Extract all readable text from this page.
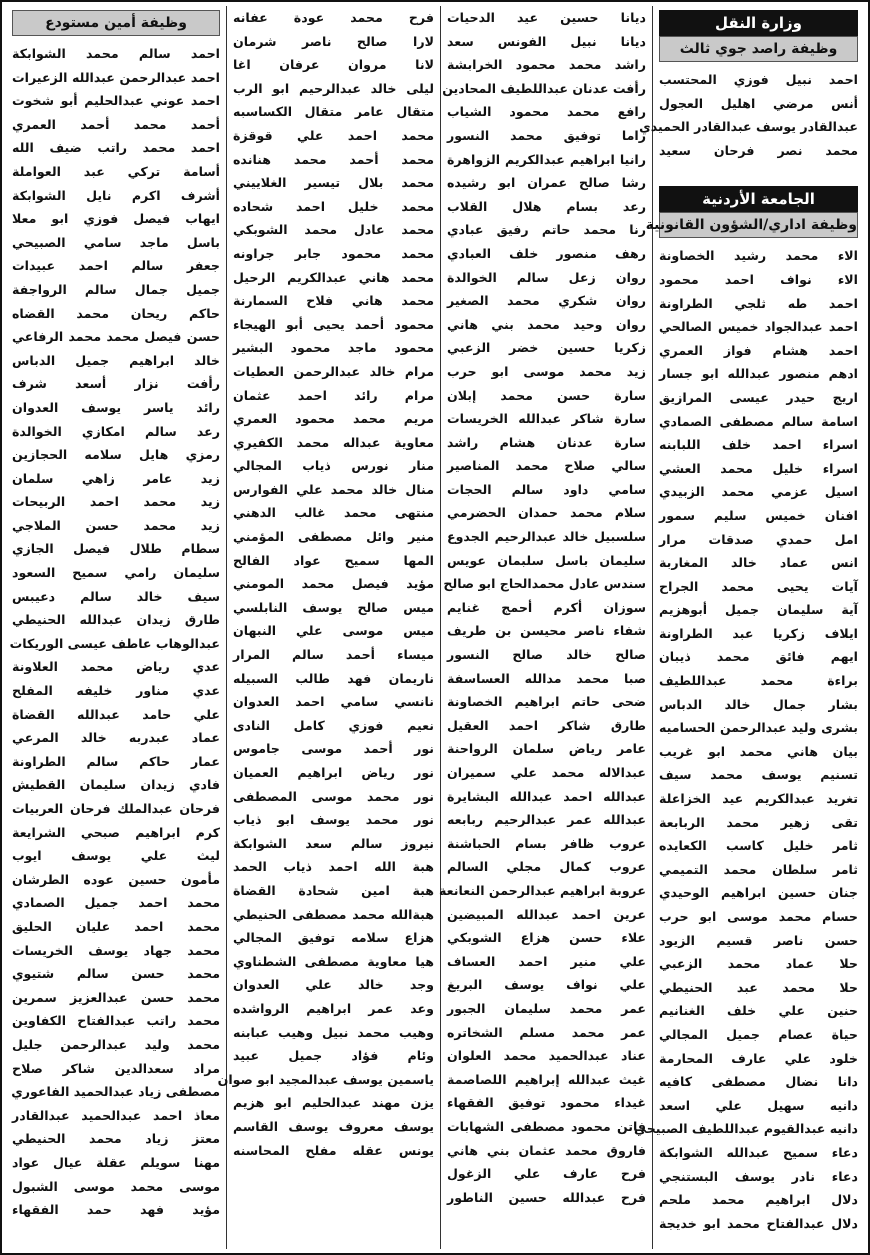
وزارة النقل
وظيفة راصد جوي ثالث
احمد نبيل فوزي المحتسب
أنس مرضي اهليل العجول
عبدالقادر يوسف عبدالقادر الحميدي
محمد نصر فرحان سعيد
الجامعة الأردنية
وظيفة اداري/الشؤون القانونية
الاء محمد رشيد الخصاونة
الاء نواف احمد محمود
احمد طه ثلجي الطراونة
احمد عبدالجواد خميس الصالحي
احمد هشام فواز العمري
ادهم منصور عبدالله ابو جسار
اريج حيدر عيسى المرازيق
اسامة سالم مصطفى الصمادي
اسراء احمد خلف اللبابنه
اسراء خليل محمد العشي
اسيل عزمي محمد الزبيدي
افنان خميس سليم سمور
امل حمدي صدقات مرار
انس عماد خالد المغاربة
آيات يحيى محمد الجراح
آية سليمان جميل أبوهزيم
ايلاف زكريا عبد الطراونة
ايهم فائق محمد ذيبان
براءة محمد عبداللطيف
بشار جمال خالد الدباس
بشرى وليد عبدالرحمن الحساميه
بيان هاني محمد ابو غريب
تسنيم يوسف محمد سيف
تغريد عبدالكريم عيد الخزاعلة
تقى زهير محمد الربابعة
ثامر خليل كاسب الكعايده
ثامر سلطان محمد التميمي
جنان حسين ابراهيم الوحيدي
حسام محمد موسى ابو حرب
حسن ناصر قسيم الزيود
حلا عماد محمد الزعبي
حلا محمد عبد الحنيطي
حنين علي خلف الغنانيم
حياة عصام جميل المجالي
خلود علي عارف المحارمة
دانا نضال مصطفى كافيه
دانيه سهيل علي اسعد
دانيه عبدالقيوم عبداللطيف الصبيحي
دعاء سميح عبدالله الشوابكة
دعاء نادر يوسف البستنجي
دلال ابراهيم محمد ملحم
دلال عبدالفتاح محمد ابو خديجة
ديانا حسين عيد الدحيات
ديانا نبيل الفونس سعد
راشد محمد محمود الخرابشة
رأفت عدنان عبداللطيف المحادين
رافع محمد محمود الشياب
راما توفيق محمد النسور
رانيا ابراهيم عبدالكريم الزواهرة
رشا صالح عمران ابو رشيده
رعد بسام هلال القلاب
رنا محمد حاتم رفيق عبادي
رهف منصور خلف العبادي
روان زعل سالم الخوالدة
روان شكري محمد الصغير
روان وحيد محمد بني هاني
زكريا حسين خضر الزعبي
زيد محمد موسى ابو حرب
سارة حسن محمد إبلان
سارة شاكر عبدالله الخريسات
سارة عدنان هشام راشد
سالي صلاح محمد المناصير
سامي داود سالم الحجات
سلام محمد حمدان الحضرمي
سلسبيل خالد عبدالرحيم الجدوع
سليمان باسل سلبمان عويس
سندس عادل محمدالحاج ابو صالح
سوزان أكرم أحمج غنايم
شفاء ناصر محيسن بن طريف
صالح خالد صالح النسور
صبا محمد مدالله العساسفة
ضحى حاتم ابراهيم الخصاونة
طارق شاكر احمد العقيل
عامر رياض سلمان الرواحنة
عبدالاله محمد علي سميران
عبدالله احمد عبدالله البشايرة
عبدالله عمر عبدالرحيم ربابعه
عروب ظافر بسام الحباشنة
عروب كمال مجلي السالم
عروبة ابراهيم عبدالرحمن النعانعة
عرين احمد عبدالله المبيضين
علاء حسن هزاع الشوبكي
علي منير احمد العساف
علي نواف يوسف البريغ
عمر محمد سليمان الجبور
عمر محمد مسلم الشخاتره
عناد عبدالحميد محمد العلوان
غيث عبدالله إبراهيم اللصاصمة
غيداء محمود توفيق الفقهاء
فاتن محمود مصطفى الشهابات
فاروق محمد عثمان بني هاني
فرح عارف علي الزغول
فرح عبدالله حسين الناطور
فرح محمد عودة عفانه
لارا صالح ناصر شرمان
لانا مروان عرفان اغا
ليلى خالد عبدالرحيم ابو الرب
متقال عامر متقال الكساسبه
محمد احمد علي قوقزة
محمد أحمد محمد هنانده
محمد بلال تيسير الغلاييني
محمد خليل احمد شحاده
محمد عادل محمد الشوبكي
محمد محمود جابر جراونه
محمد هاني عبدالكريم الرحيل
محمد هاني فلاح السمارنة
محمود أحمد يحيى أبو الهيجاء
محمود ماجد محمود البشير
مرام خالد عبدالرحمن العطيات
مرام رائد احمد عثمان
مريم محمد محمود العمري
معاوية عبداله محمد الكفيري
منار نورس ذياب المجالي
منال خالد محمد علي الفوارس
منتهى محمد غالب الدهني
منير وائل مصطفى المؤمني
المها سميح عواد الفالح
مؤيد فيصل محمد المومني
ميس صالح يوسف النابلسي
ميس موسى علي النبهان
ميساء أحمد سالم المرار
ناريمان فهد طالب السبيله
نانسي سامي احمد العدوان
نعيم فوزي كامل النادى
نور أحمد موسى جاموس
نور رياض ابراهيم العميان
نور محمد موسى المصطفى
نور محمد يوسف ابو ذياب
نيروز سالم سعد الشوابكة
هبة الله احمد ذياب الحمد
هبة امين شحادة القضاة
هبةالله محمد مصطفى الحنيطي
هزاع سلامه توفيق المجالي
هيا معاوية مصطفى الشطناوي
وجد خالد علي العدوان
وعد عمر ابراهيم الرواشده
وهيب محمد نبيل وهيب عبابنه
وئام فؤاد جميل عبيد
ياسمين يوسف عبدالمجيد ابو صوان
يزن مهند عبدالحليم ابو هزيم
يوسف معروف يوسف القاسم
يونس عقله مفلح المحاسنه
وظيفة أمين مستودع
احمد سالم محمد الشوابكة
احمد عبدالرحمن عبدالله الزعيرات
احمد عوني عبدالحليم أبو شخوت
أحمد محمد أحمد العمري
احمد محمد راتب ضيف الله
أسامة تركي عبد العواملة
أشرف اكرم نايل الشوابكة
ايهاب فيصل فوزي ابو معلا
باسل ماجد سامي الصبيحي
جعفر سالم احمد عبيدات
جميل جمال سالم الرواجفة
حاكم ريحان محمد القضاه
حسن فيصل محمد محمد الرفاعي
خالد ابراهيم جميل الدباس
رأفت نزار أسعد شرف
رائد ياسر يوسف العدوان
رعد سالم امكازي الخوالدة
رمزي هايل سلامه الحجازين
زيد عامر زاهي سلمان
زيد محمد احمد الربيحات
زيد محمد حسن الملاجي
سطام طلال فيصل الجازي
سليمان رامي سميح السعود
سيف خالد سالم دعيبس
طارق زيدان عبدالله الحنيطي
عبدالوهاب عاطف عيسى الوريكات
عدي رياض محمد العلاونة
عدي مناور خليفه المفلح
علي حامد عبدالله القضاة
عماد عبدربه خالد المرعي
عمار حاكم سالم الطراونة
فادي زيدان سليمان القطيش
فرحان عبدالملك فرحان العربيات
كرم ابراهيم صبحي الشرايعة
ليث علي يوسف ايوب
مأمون حسين عوده الطرشان
محمد احمد جميل الصمادي
محمد احمد عليان الحليق
محمد جهاد يوسف الخريسات
محمد حسن سالم شتيوي
محمد حسن عبدالعزيز سمرين
محمد راتب عبدالفتاح الكفاوين
محمد وليد عبدالرحمن جليل
مراد سعدالدين شاكر صلاح
مصطفى زياد عبدالحميد الفاعوري
معاذ احمد عبدالحميد عبدالقادر
معتز زياد محمد الحنيطي
مهنا سويلم عقلة عيال عواد
موسى محمد موسى الشبول
مؤيد فهد حمد الفقهاء
